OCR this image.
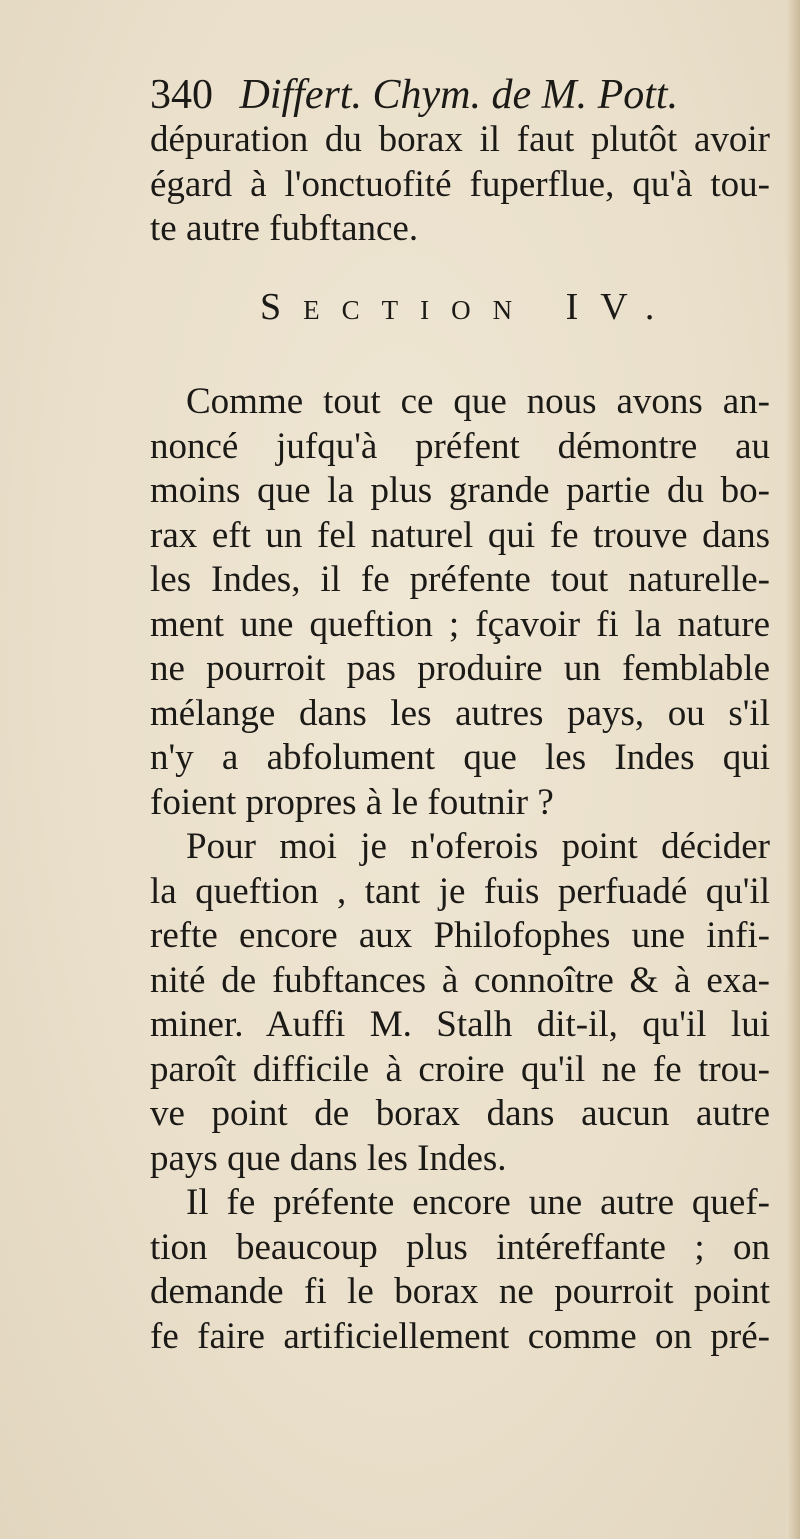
340 Differt. Chym. de M. Pott.
dépuration du borax il faut plutôt avoir
égard à l'onctuofité fuperflue, qu'à tou-
te autre fubftance.
SECTION IV.
Comme tout ce que nous avons an-
noncé jufqu'à préfent démontre au
moins que la plus grande partie du bo-
rax eft un fel naturel qui fe trouve dans
les Indes, il fe préfente tout naturelle-
ment une queftion ; fçavoir fi la nature
ne pourroit pas produire un femblable
mélange dans les autres pays, ou s'il
n'y a abfolument que les Indes qui
foient propres à le foutnir ?
Pour moi je n'oferois point décider
la queftion , tant je fuis perfuadé qu'il
refte encore aux Philofophes une infi-
nité de fubftances à connoître & à exa-
miner. Auffi M. Stalh dit-il, qu'il lui
paroît difficile à croire qu'il ne fe trou-
ve point de borax dans aucun autre
pays que dans les Indes.
Il fe préfente encore une autre quef-
tion beaucoup plus intéreffante ; on
demande fi le borax ne pourroit point
fe faire artificiellement comme on pré-
